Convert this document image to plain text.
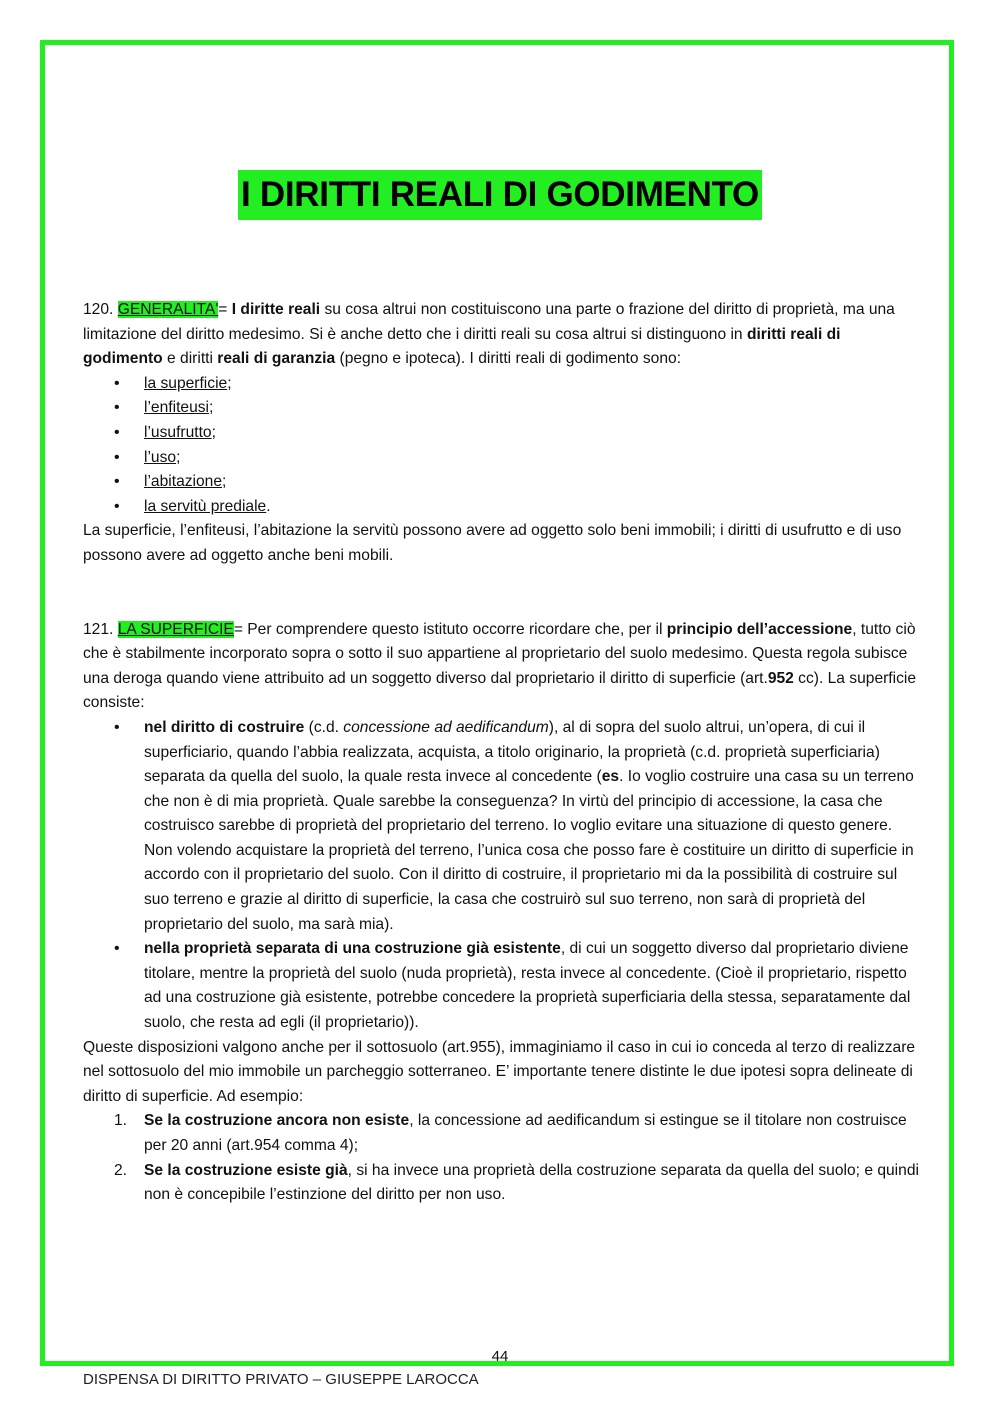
I DIRITTI REALI DI GODIMENTO

120. GENERALITA'= I diritte reali su cosa altrui non costituiscono una parte o frazione del diritto di proprietà, ma una limitazione del diritto medesimo. Si è anche detto che i diritti reali su cosa altrui si distinguono in diritti reali di godimento e diritti reali di garanzia (pegno e ipoteca). I diritti reali di godimento sono:

• la superficie;
• l’enfiteusi;
• l’usufrutto;
• l’uso;
• l’abitazione;
• la servitù prediale.

La superficie, l’enfiteusi, l’abitazione la servitù possono avere ad oggetto solo beni immobili; i diritti di usufrutto e di uso possono avere ad oggetto anche beni mobili.

121. LA SUPERFICIE= Per comprendere questo istituto occorre ricordare che, per il principio dell’accessione, tutto ciò che è stabilmente incorporato sopra o sotto il suo appartiene al proprietario del suolo medesimo. Questa regola subisce una deroga quando viene attribuito ad un soggetto diverso dal proprietario il diritto di superficie (art.952 cc). La superficie consiste:

• nel diritto di costruire (c.d. concessione ad aedificandum), al di sopra del suolo altrui, un’opera, di cui il superficiario, quando l’abbia realizzata, acquista, a titolo originario, la proprietà (c.d. proprietà superficiaria) separata da quella del suolo, la quale resta invece al concedente (es. Io voglio costruire una casa su un terreno che non è di mia proprietà. Quale sarebbe la conseguenza? In virtù del principio di accessione, la casa che costruisco sarebbe di proprietà del proprietario del terreno. Io voglio evitare una situazione di questo genere. Non volendo acquistare la proprietà del terreno, l’unica cosa che posso fare è costituire un diritto di superficie in accordo con il proprietario del suolo. Con il diritto di costruire, il proprietario mi da la possibilità di costruire sul suo terreno e grazie al diritto di superficie, la casa che costruirò sul suo terreno, non sarà di proprietà del proprietario del suolo, ma sarà mia).
• nella proprietà separata di una costruzione già esistente, di cui un soggetto diverso dal proprietario diviene titolare, mentre la proprietà del suolo (nuda proprietà), resta invece al concedente. (Cioè il proprietario, rispetto ad una costruzione già esistente, potrebbe concedere la proprietà superficiaria della stessa, separatamente dal suolo, che resta ad egli (il proprietario)).

Queste disposizioni valgono anche per il sottosuolo (art.955), immaginiamo il caso in cui io conceda al terzo di realizzare nel sottosuolo del mio immobile un parcheggio sotterraneo. E’ importante tenere distinte le due ipotesi sopra delineate di diritto di superficie. Ad esempio:

1. Se la costruzione ancora non esiste, la concessione ad aedificandum si estingue se il titolare non costruisce per 20 anni (art.954 comma 4);
2. Se la costruzione esiste già, si ha invece una proprietà della costruzione separata da quella del suolo; e quindi non è concepibile l’estinzione del diritto per non uso.
44
DISPENSA DI DIRITTO PRIVATO – GIUSEPPE LAROCCA
